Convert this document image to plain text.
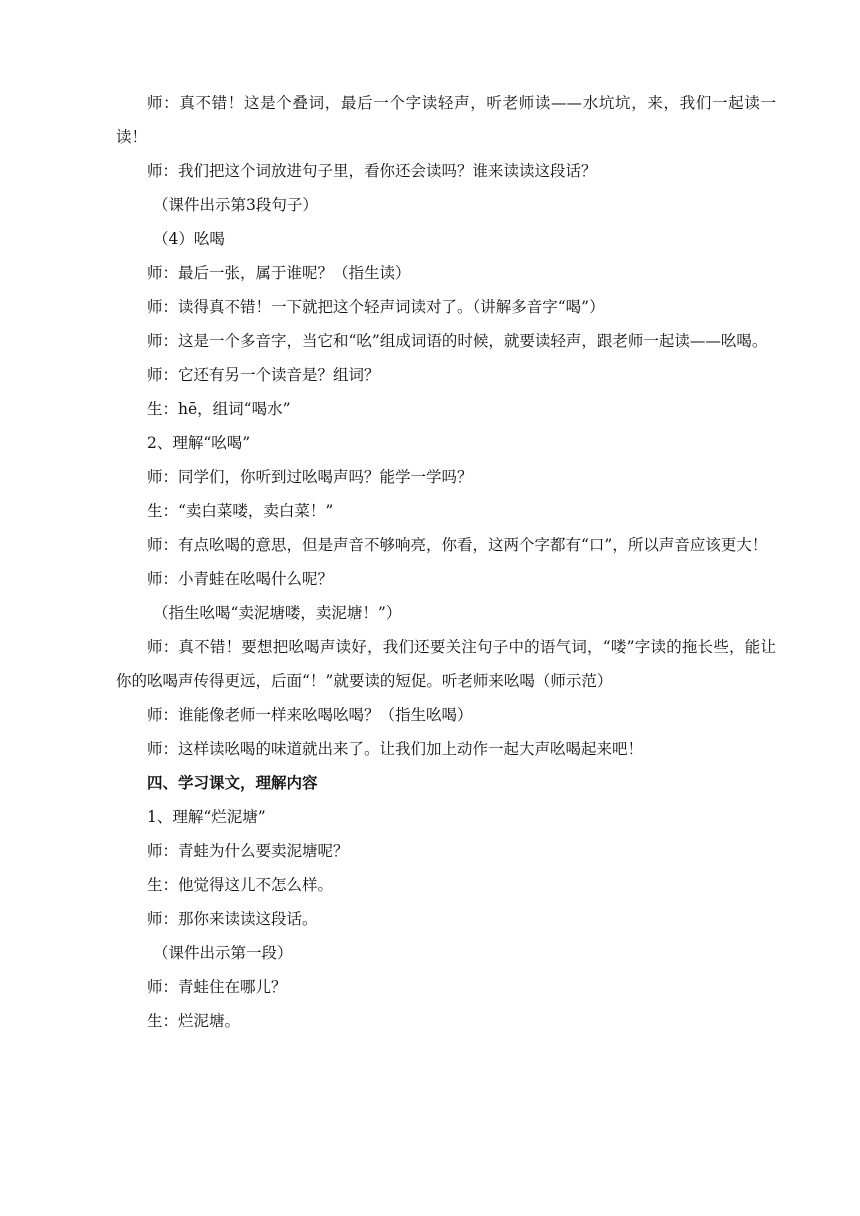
师：真不错！这是个叠词，最后一个字读轻声，听老师读——水坑坑，来，我们一起读一读！

师：我们把这个词放进句子里，看你还会读吗？谁来读读这段话？

（课件出示第3段句子）

（4）吆喝

师：最后一张，属于谁呢？（指生读）

师：读得真不错！一下就把这个轻声词读对了。（讲解多音字“喝”）

师：这是一个多音字，当它和“吆”组成词语的时候，就要读轻声，跟老师一起读——吆喝。

师：它还有另一个读音是？组词？

生：hē，组词“喝水”

2、理解“吆喝”

师：同学们，你听到过吆喝声吗？能学一学吗？

生：“卖白菜喽，卖白菜！”

师：有点吆喝的意思，但是声音不够响亮，你看，这两个字都有“口”，所以声音应该更大！

师：小青蛙在吆喝什么呢？

（指生吆喝“卖泥塘喽，卖泥塘！”）

师：真不错！要想把吆喝声读好，我们还要关注句子中的语气词，“喽”字读的拖长些，能让你的吆喝声传得更远，后面“！”就要读的短促。听老师来吆喝（师示范）

师：谁能像老师一样来吆喝吆喝？（指生吆喝）

师：这样读吆喝的味道就出来了。让我们加上动作一起大声吆喝起来吧！

四、学习课文，理解内容

1、理解“烂泥塘”

师：青蛙为什么要卖泥塘呢？

生：他觉得这儿不怎么样。

师：那你来读读这段话。

（课件出示第一段）

师：青蛙住在哪儿？

生：烂泥塘。
